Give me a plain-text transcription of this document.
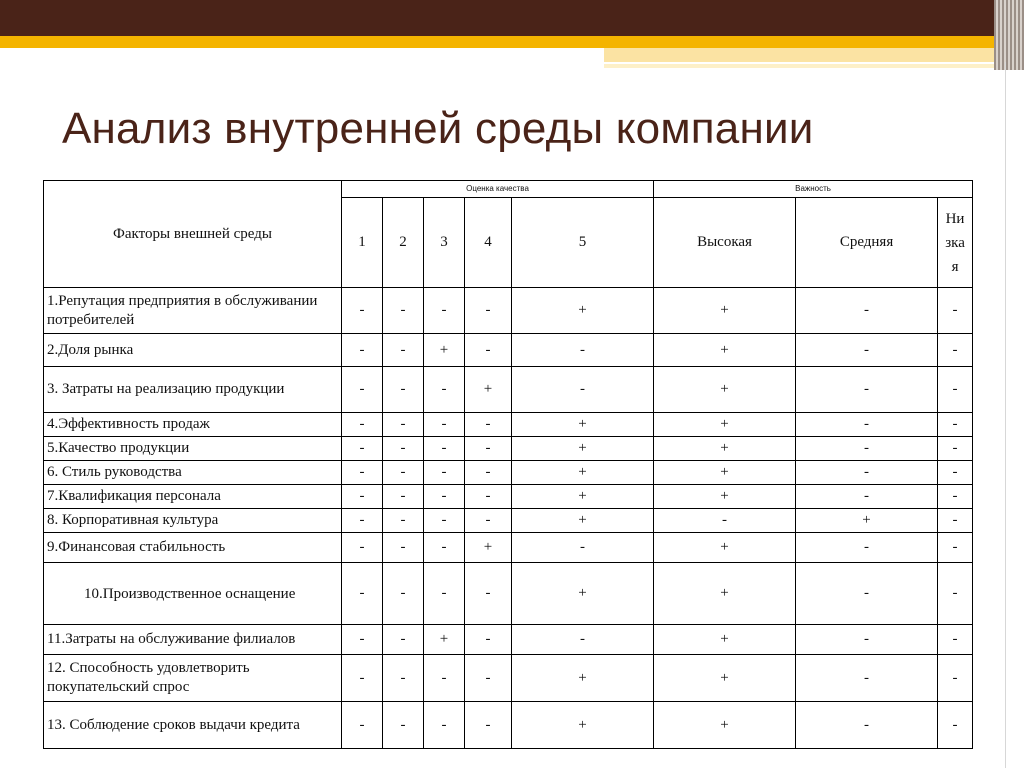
Анализ внутренней среды компании
Факторы внешней среды	Оценка качества					Важность		
	1	2	3	4	5	Высокая	Средняя	Низкая
1.Репутация предприятия в обслуживании потребителей	-	-	-	-	+	+	-	-
2.Доля рынка	-	-	+	-	-	+	-	-
3. Затраты на реализацию продукции	-	-	-	+	-	+	-	-
4.Эффективность продаж	-	-	-	-	+	+	-	-
5.Качество продукции	-	-	-	-	+	+	-	-
6. Стиль руководства	-	-	-	-	+	+	-	-
7.Квалификация персонала	-	-	-	-	+	+	-	-
8. Корпоративная культура	-	-	-	-	+	-	+	-
9.Финансовая стабильность	-	-	-	+	-	+	-	-
10.Производственное оснащение	-	-	-	-	+	+	-	-
11.Затраты на обслуживание филиалов	-	-	+	-	-	+	-	-
12. Способность удовлетворить покупательский спрос	-	-	-	-	+	+	-	-
13. Соблюдение сроков выдачи кредита	-	-	-	-	+	+	-	-
